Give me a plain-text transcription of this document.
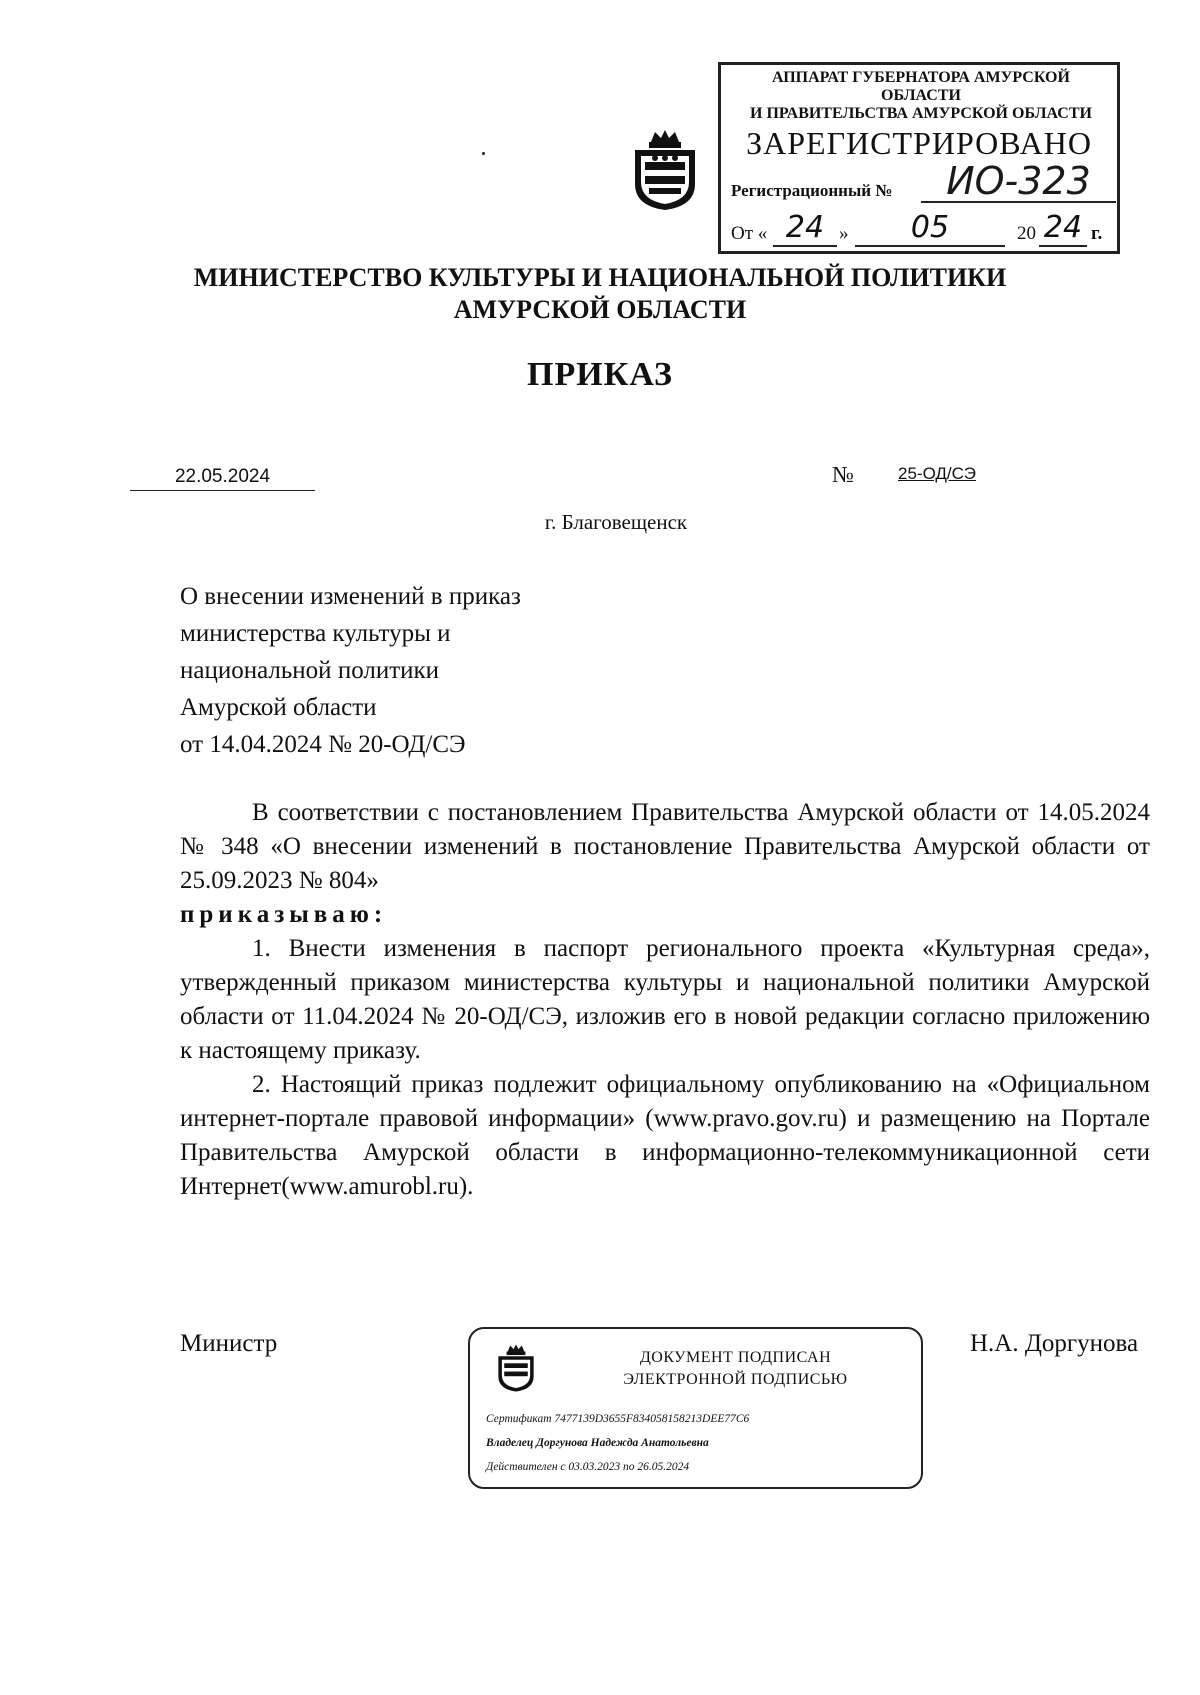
АППАРАТ ГУБЕРНАТОРА АМУРСКОЙ ОБЛАСТИ
И ПРАВИТЕЛЬСТВА АМУРСКОЙ ОБЛАСТИ
ЗАРЕГИСТРИРОВАНО
Регистрационный №	ИО-323
От « 24 »	05	20 24 г.
МИНИСТЕРСТВО КУЛЬТУРЫ И НАЦИОНАЛЬНОЙ ПОЛИТИКИ
АМУРСКОЙ ОБЛАСТИ
ПРИКАЗ
22.05.2024	№	25-ОД/СЭ
г. Благовещенск
О внесении изменений в приказ
министерства культуры и
национальной политики
Амурской области
от 14.04.2024 № 20-ОД/СЭ

В соответствии с постановлением Правительства Амурской области от 14.05.2024 № 348 «О внесении изменений в постановление Правительства Амурской области от 25.09.2023 № 804»

приказываю:

1. Внести изменения в паспорт регионального проекта «Культурная среда», утвержденный приказом министерства культуры и национальной политики Амурской области от 11.04.2024 № 20-ОД/СЭ, изложив его в новой редакции согласно приложению к настоящему приказу.

2. Настоящий приказ подлежит официальному опубликованию на «Официальном интернет-портале правовой информации» (www.pravo.gov.ru) и размещению на Портале Правительства Амурской области в информационно-телекоммуникационной сети Интернет(www.amurobl.ru).

Министр	Н.А. Доргунова
ДОКУМЕНТ ПОДПИСАН
ЭЛЕКТРОННОЙ ПОДПИСЬЮ
Сертификат 7477139D3655F834058158213DEE77C6
Владелец Доргунова Надежда Анатольевна
Действителен с 03.03.2023 по 26.05.2024
